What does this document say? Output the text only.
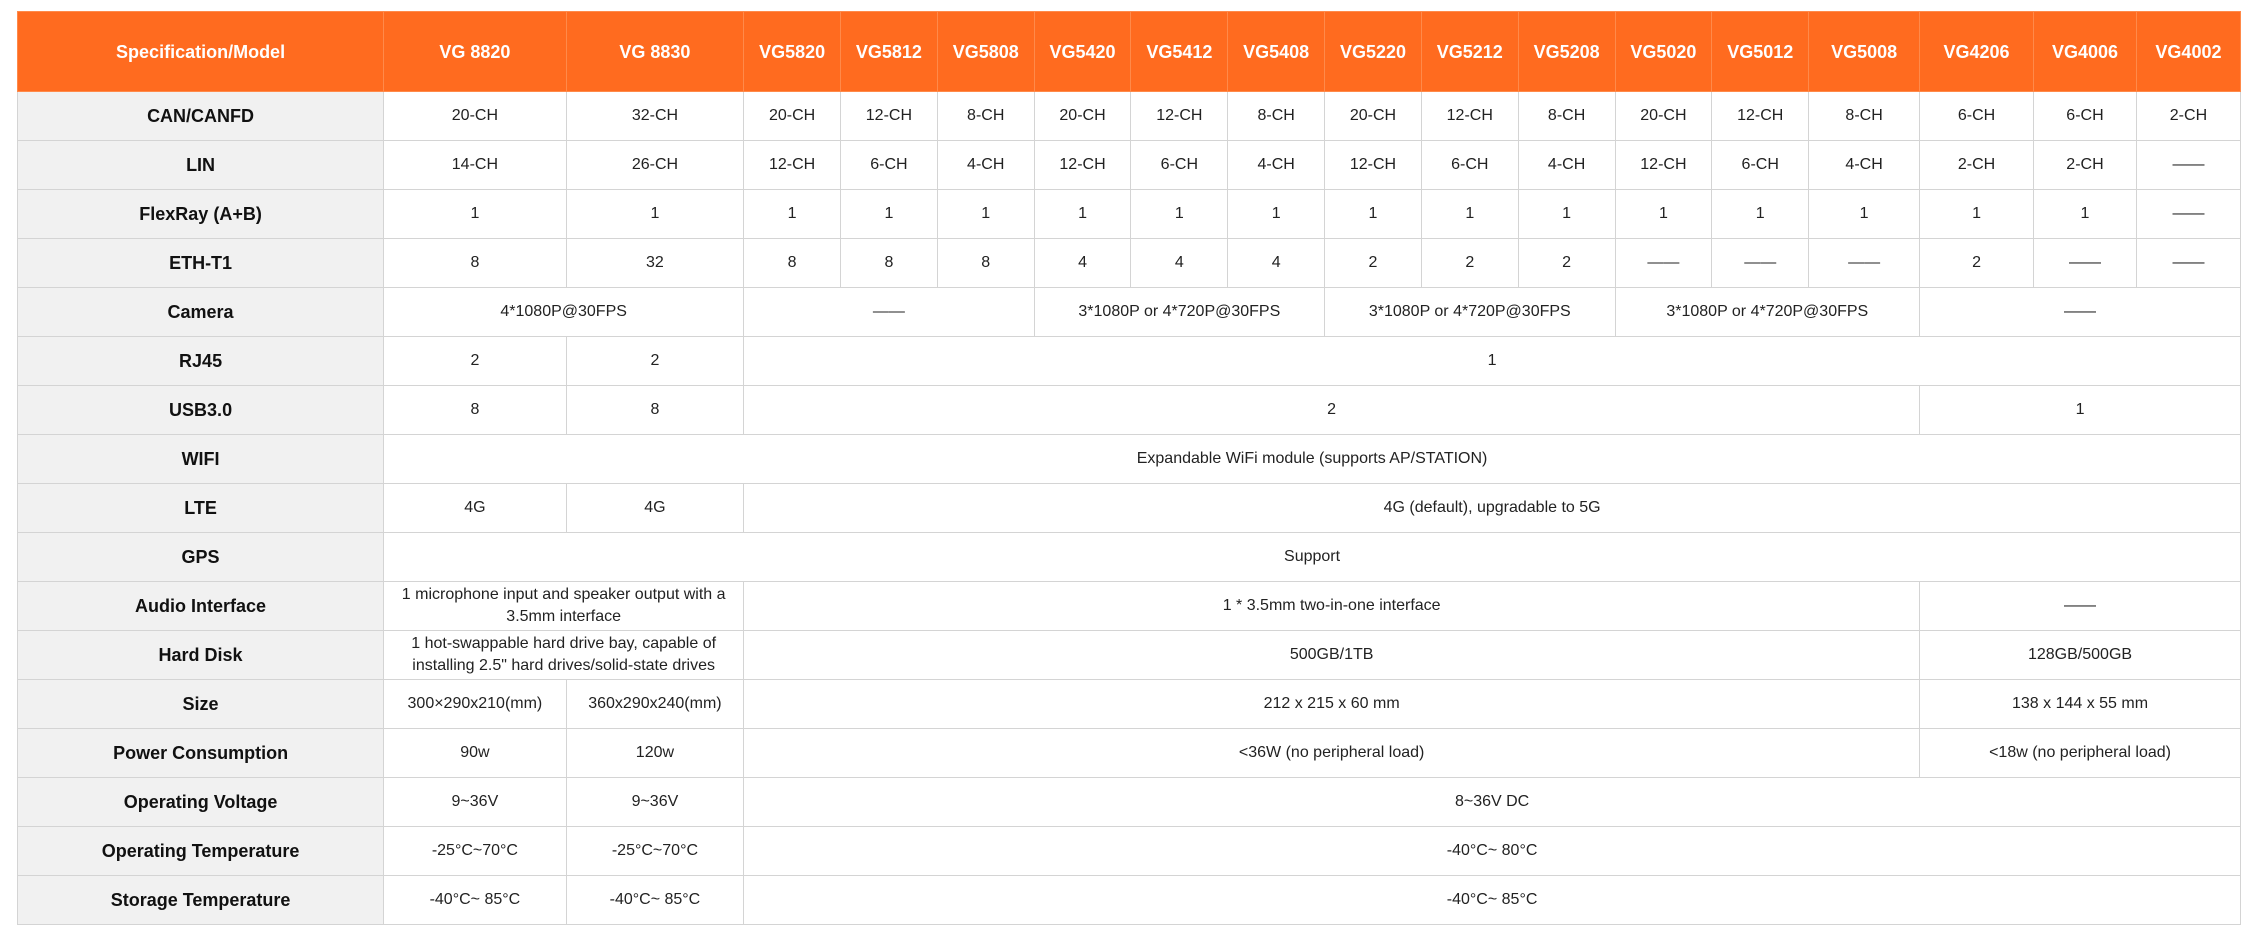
Specification/Model	VG 8820	VG 8830	VG5820	VG5812	VG5808	VG5420	VG5412	VG5408	VG5220	VG5212	VG5208	VG5020	VG5012	VG5008	VG4206	VG4006	VG4002
CAN/CANFD	20-CH	32-CH	20-CH	12-CH	8-CH	20-CH	12-CH	8-CH	20-CH	12-CH	8-CH	20-CH	12-CH	8-CH	6-CH	6-CH	2-CH
LIN	14-CH	26-CH	12-CH	6-CH	4-CH	12-CH	6-CH	4-CH	12-CH	6-CH	4-CH	12-CH	6-CH	4-CH	2-CH	2-CH	——
FlexRay (A+B)	1	1	1	1	1	1	1	1	1	1	1	1	1	1	1	1	——
ETH-T1	8	32	8	8	8	4	4	4	2	2	2	——	——	——	2	——	——
Camera	4*1080P@30FPS		——			3*1080P or 4*720P@30FPS			3*1080P or 4*720P@30FPS			3*1080P or 4*720P@30FPS			——		
RJ45	2	2	1														
USB3.0	8	8	2												1		
WIFI	Expandable WiFi module (supports AP/STATION)																
LTE	4G	4G	4G (default), upgradable to 5G														
GPS	Support																
Audio Interface	1 microphone input and speaker output with a 3.5mm interface		1 * 3.5mm two-in-one interface												——		
Hard Disk	1 hot-swappable hard drive bay, capable of installing 2.5" hard drives/solid-state drives		500GB/1TB												128GB/500GB		
Size	300×290x210(mm)	360x290x240(mm)	212 x 215 x 60 mm												138 x 144 x 55 mm		
Power Consumption	90w	120w	<36W (no peripheral load)												<18w (no peripheral load)		
Operating Voltage	9~36V	9~36V	8~36V DC														
Operating Temperature	-25°C~70°C	-25°C~70°C	-40°C~ 80°C														
Storage Temperature	-40°C~ 85°C	-40°C~ 85°C	-40°C~ 85°C														
